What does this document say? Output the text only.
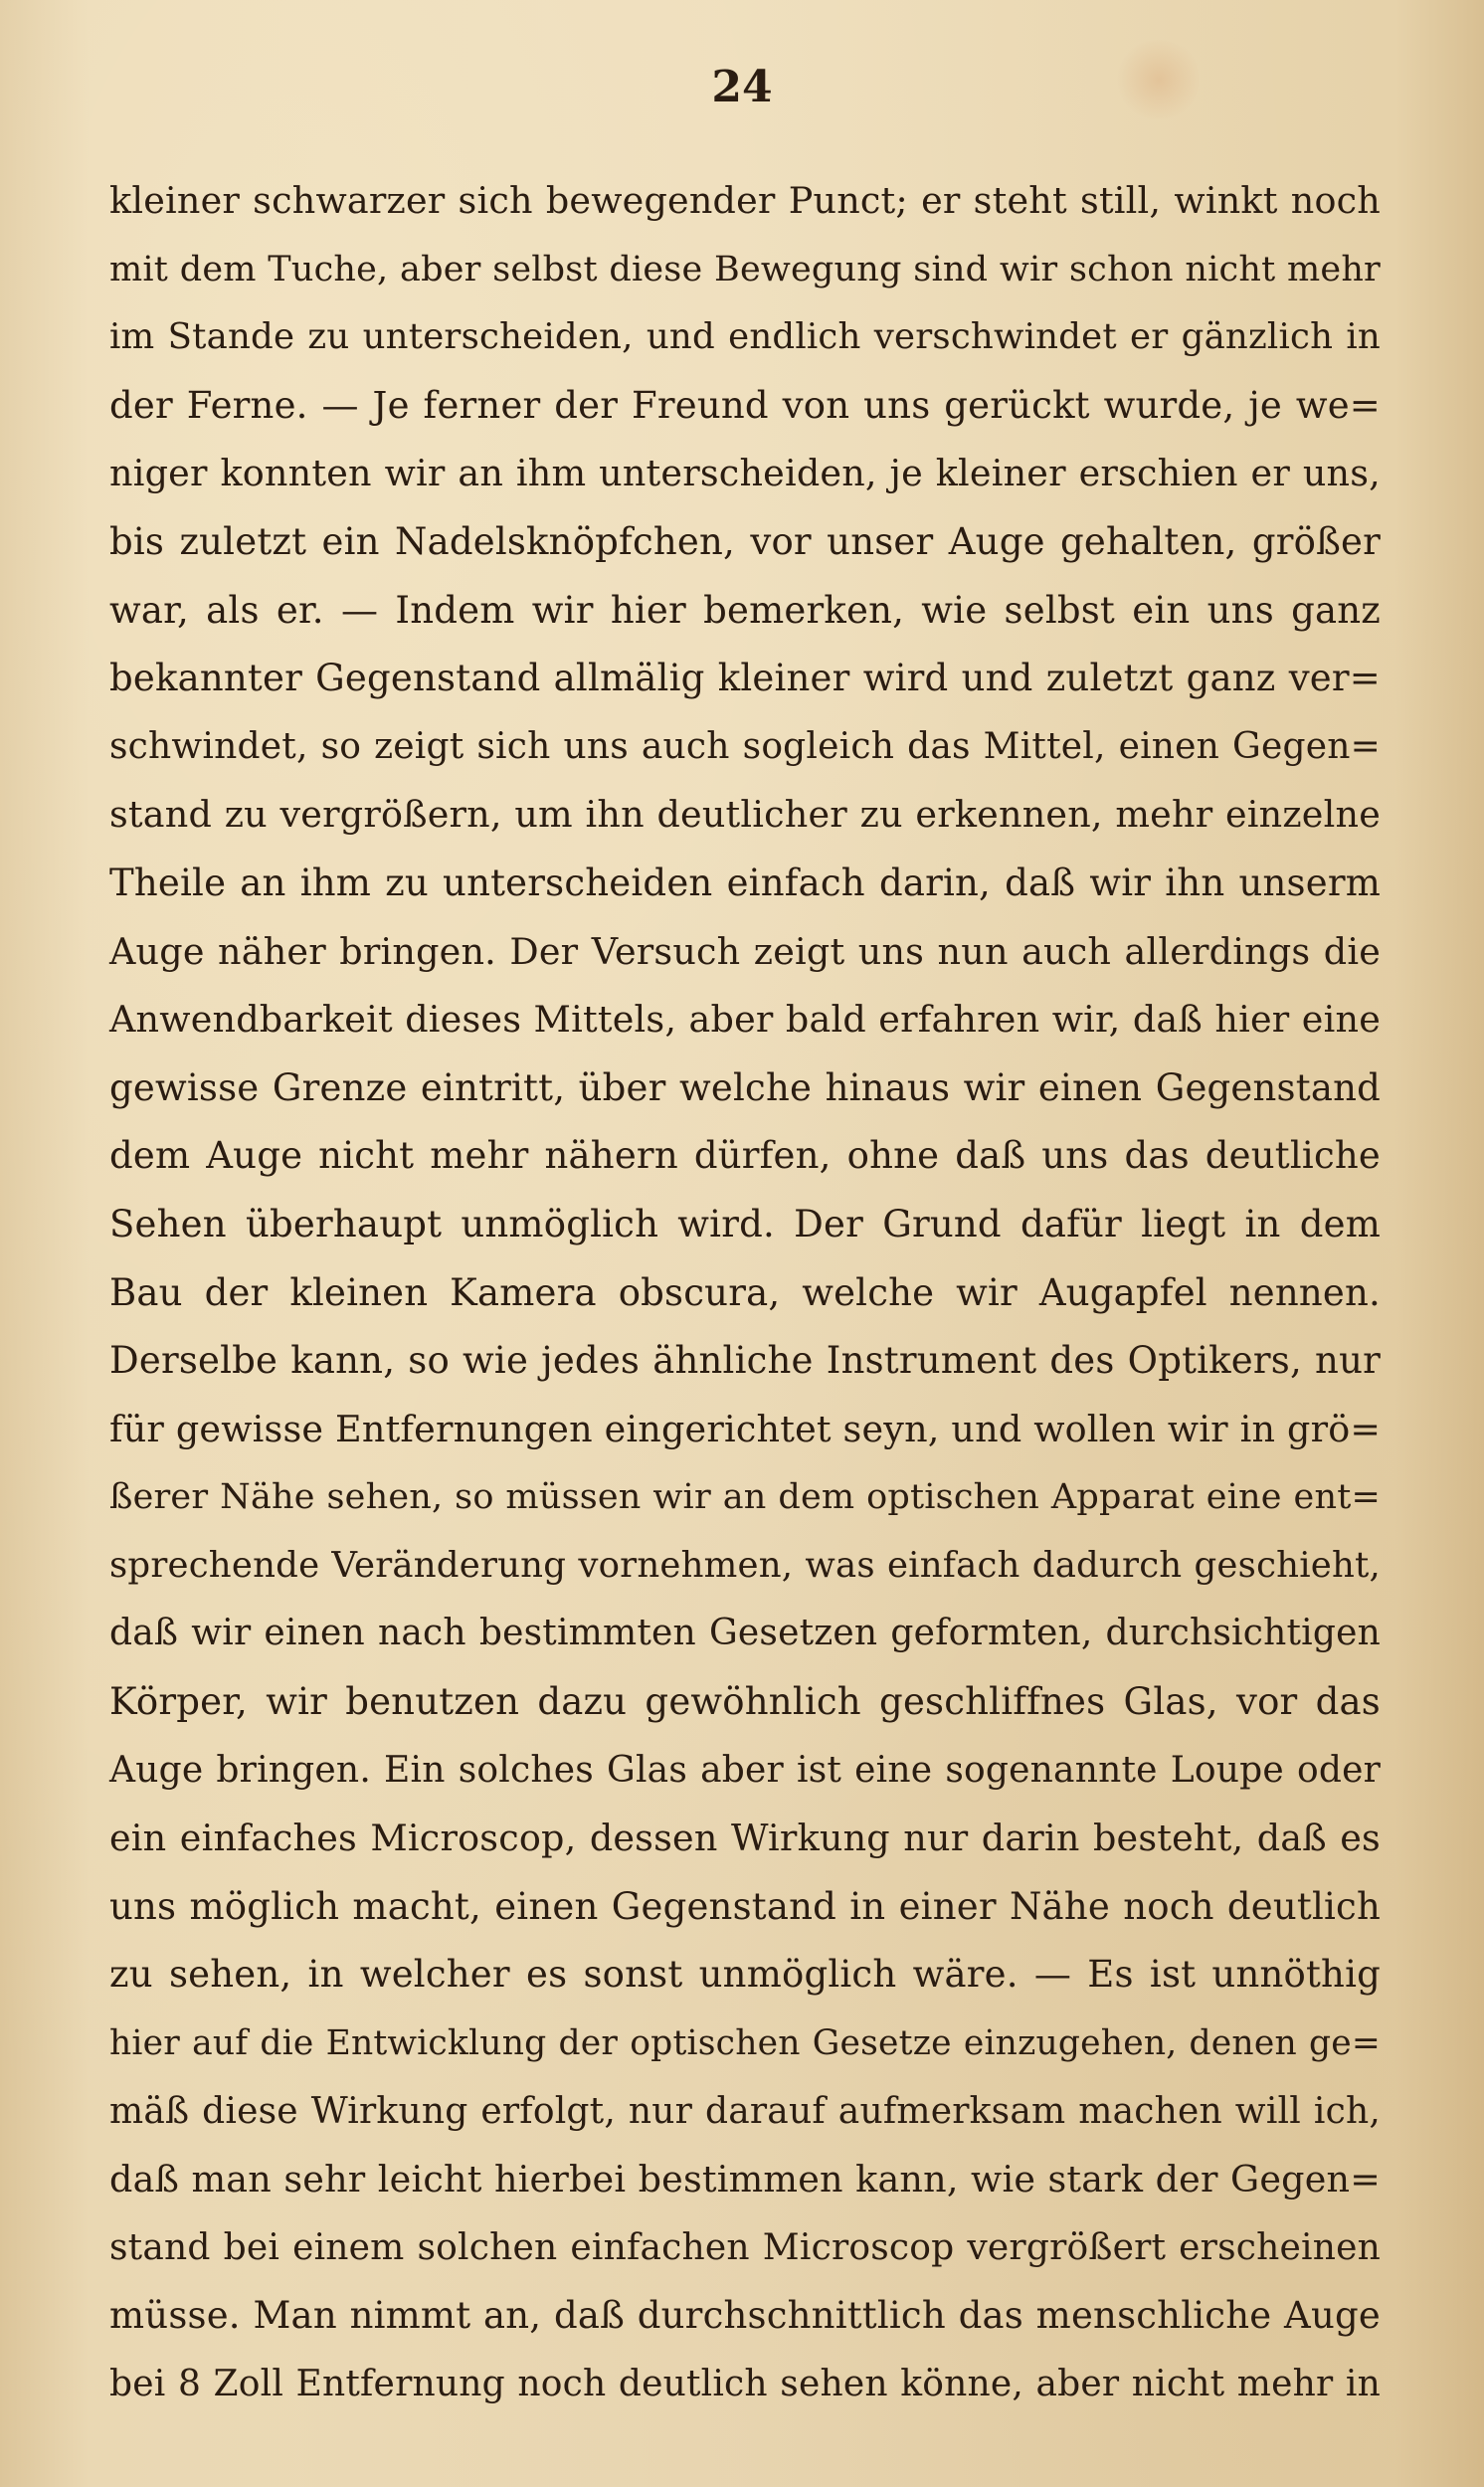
24
kleiner schwarzer sich bewegender Punct; er steht still, winkt noch
mit dem Tuche, aber selbst diese Bewegung sind wir schon nicht mehr
im Stande zu unterscheiden, und endlich verschwindet er gänzlich in
der Ferne. — Je ferner der Freund von uns gerückt wurde, je we=
niger konnten wir an ihm unterscheiden, je kleiner erschien er uns,
bis zuletzt ein Nadelsknöpfchen, vor unser Auge gehalten, größer
war, als er. — Indem wir hier bemerken, wie selbst ein uns ganz
bekannter Gegenstand allmälig kleiner wird und zuletzt ganz ver=
schwindet, so zeigt sich uns auch sogleich das Mittel, einen Gegen=
stand zu vergrößern, um ihn deutlicher zu erkennen, mehr einzelne
Theile an ihm zu unterscheiden einfach darin, daß wir ihn unserm
Auge näher bringen. Der Versuch zeigt uns nun auch allerdings die
Anwendbarkeit dieses Mittels, aber bald erfahren wir, daß hier eine
gewisse Grenze eintritt, über welche hinaus wir einen Gegenstand
dem Auge nicht mehr nähern dürfen, ohne daß uns das deutliche
Sehen überhaupt unmöglich wird. Der Grund dafür liegt in dem
Bau der kleinen Kamera obscura, welche wir Augapfel nennen.
Derselbe kann, so wie jedes ähnliche Instrument des Optikers, nur
für gewisse Entfernungen eingerichtet seyn, und wollen wir in grö=
ßerer Nähe sehen, so müssen wir an dem optischen Apparat eine ent=
sprechende Veränderung vornehmen, was einfach dadurch geschieht,
daß wir einen nach bestimmten Gesetzen geformten, durchsichtigen
Körper, wir benutzen dazu gewöhnlich geschliffnes Glas, vor das
Auge bringen. Ein solches Glas aber ist eine sogenannte Loupe oder
ein einfaches Microscop, dessen Wirkung nur darin besteht, daß es
uns möglich macht, einen Gegenstand in einer Nähe noch deutlich
zu sehen, in welcher es sonst unmöglich wäre. — Es ist unnöthig
hier auf die Entwicklung der optischen Gesetze einzugehen, denen ge=
mäß diese Wirkung erfolgt, nur darauf aufmerksam machen will ich,
daß man sehr leicht hierbei bestimmen kann, wie stark der Gegen=
stand bei einem solchen einfachen Microscop vergrößert erscheinen
müsse. Man nimmt an, daß durchschnittlich das menschliche Auge
bei 8 Zoll Entfernung noch deutlich sehen könne, aber nicht mehr in
